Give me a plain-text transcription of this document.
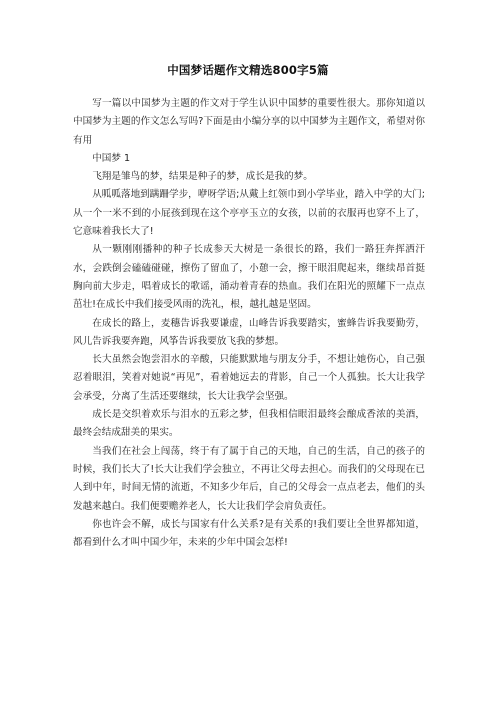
中国梦话题作文精选800字5篇

写一篇以中国梦为主题的作文对于学生认识中国梦的重要性很大。那你知道以中国梦为主题的作文怎么写吗?下面是由小编分享的以中国梦为主题作文，希望对你有用

中国梦 1

飞翔是雏鸟的梦，结果是种子的梦，成长是我的梦。

从呱呱落地到蹒跚学步，咿呀学语;从戴上红领巾到小学毕业，踏入中学的大门;从一个一米不到的小屁孩到现在这个亭亭玉立的女孩，以前的衣服再也穿不上了，它意味着我长大了!

从一颗刚刚播种的种子长成参天大树是一条很长的路，我们一路狂奔挥洒汗水，会跌倒会磕磕碰碰，擦伤了留血了，小憩一会，擦干眼泪爬起来，继续昂首挺胸向前大步走，唱着成长的歌谣，涌动着青春的热血。我们在阳光的照耀下一点点茁壮!在成长中我们接受风雨的洗礼，根，越扎越是坚固。

在成长的路上，麦穗告诉我要谦虚，山峰告诉我要踏实，蜜蜂告诉我要勤劳，风儿告诉我要奔跑，风筝告诉我要放飞我的梦想。

长大虽然会饱尝泪水的辛酸，只能默默地与朋友分手，不想让她伤心，自己强忍着眼泪，笑着对她说“再见”，看着她远去的背影，自己一个人孤独。长大让我学会承受，分离了生活还要继续，长大让我学会坚强。

成长是交织着欢乐与泪水的五彩之梦，但我相信眼泪最终会酿成香浓的美酒，最终会结成甜美的果实。

当我们在社会上闯荡，终于有了属于自己的天地，自己的生活，自己的孩子的时候，我们长大了!长大让我们学会独立，不再让父母去担心。而我们的父母现在已人到中年，时间无情的流逝，不知多少年后，自己的父母会一点点老去，他们的头发越来越白。我们便要赡养老人，长大让我们学会肩负责任。

你也许会不解，成长与国家有什么关系?是有关系的!我们要让全世界都知道，都看到什么才叫中国少年，未来的少年中国会怎样!
